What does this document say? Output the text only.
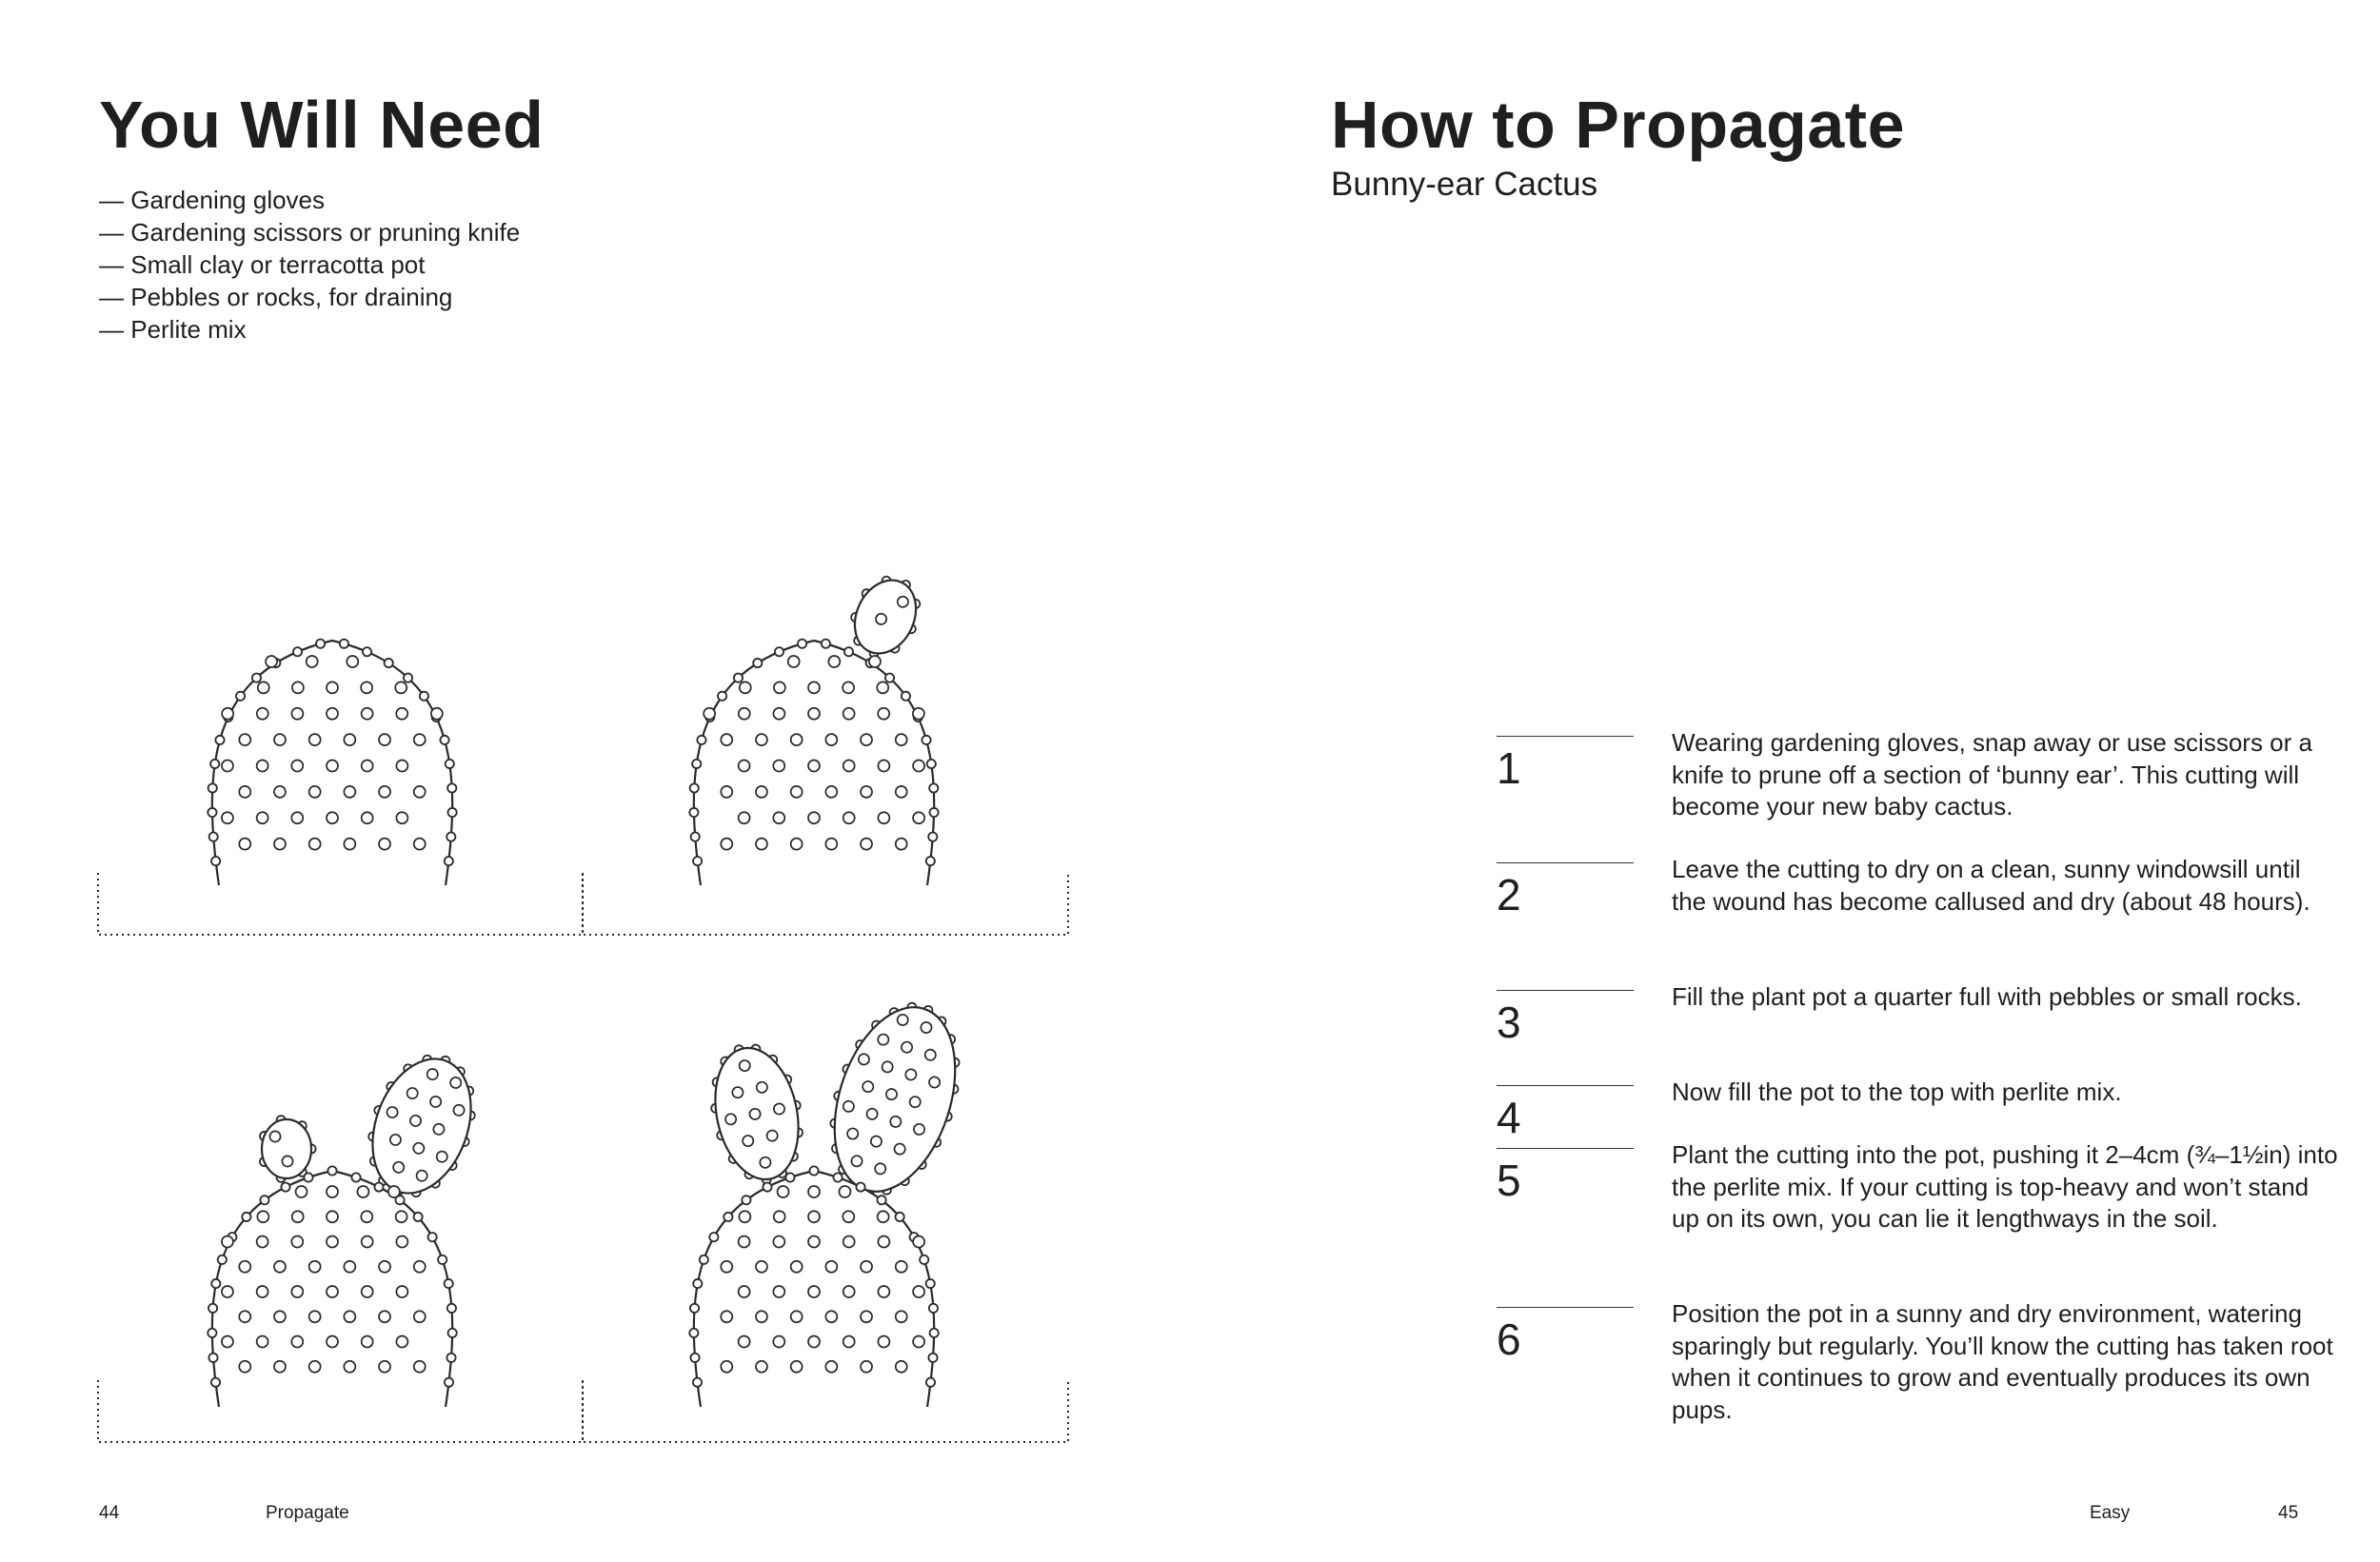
You Will Need
— Gardening gloves
— Gardening scissors or pruning knife
— Small clay or terracotta pot
— Pebbles or rocks, for draining
— Perlite mix
44	Propagate
How to Propagate
Bunny-ear Cactus
1
Wearing gardening gloves, snap away or use scissors or a knife to prune off a section of ‘bunny ear’. This cutting will become your new baby cactus.
2
Leave the cutting to dry on a clean, sunny windowsill until the wound has become callused and dry (about 48 hours).
3
Fill the plant pot a quarter full with pebbles or small rocks.
4
Now fill the pot to the top with perlite mix.
5
Plant the cutting into the pot, pushing it 2–4cm (¾–1½in) into the perlite mix. If your cutting is top-heavy and won’t stand up on its own, you can lie it lengthways in the soil.
6
Position the pot in a sunny and dry environment, watering sparingly but regularly. You’ll know the cutting has taken root when it continues to grow and eventually produces its own pups.
Easy	45
